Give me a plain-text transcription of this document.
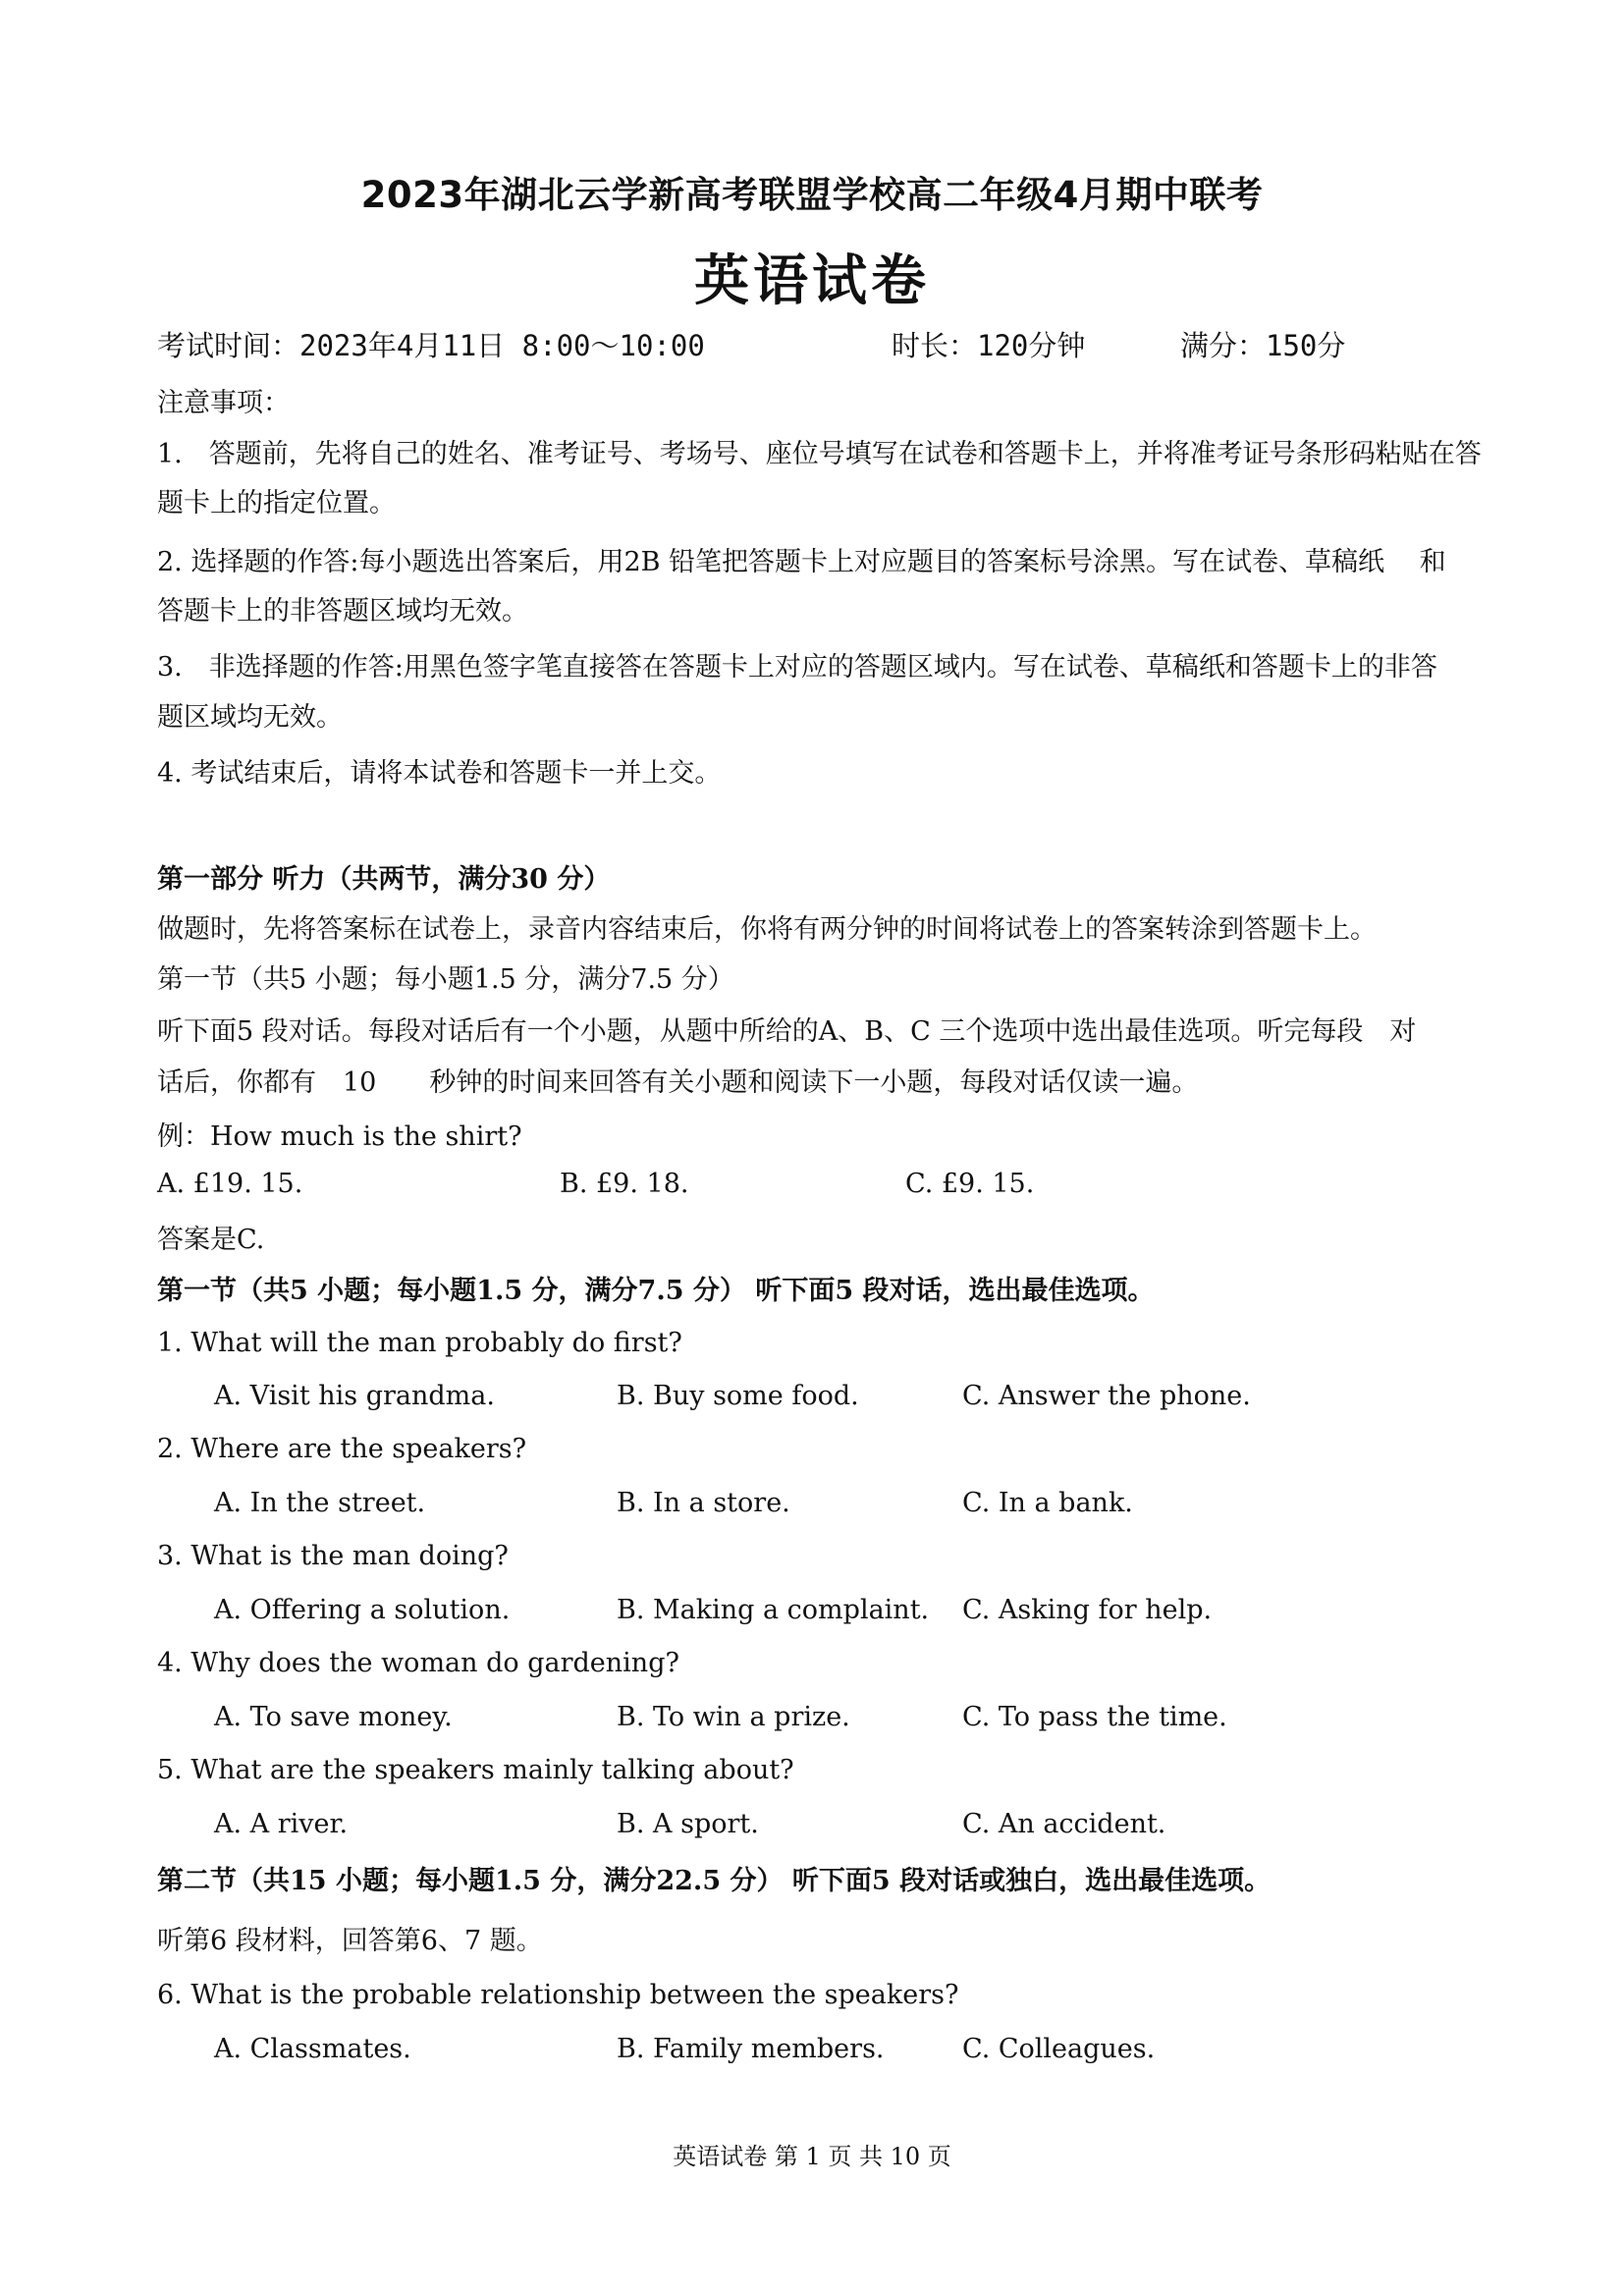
2023年湖北云学新高考联盟学校高二年级4月期中联考
英语试卷
考试时间：2023年4月11日 8:00～10:00	时长：120分钟	满分：150分
注意事项：
1.　答题前，先将自己的姓名、准考证号、考场号、座位号填写在试卷和答题卡上，并将准考证号条形码粘贴在答
题卡上的指定位置。
2. 选择题的作答:每小题选出答案后，用2B 铅笔把答题卡上对应题目的答案标号涂黑。写在试卷、草稿纸　 和
答题卡上的非答题区域均无效。
3.　非选择题的作答:用黑色签字笔直接答在答题卡上对应的答题区域内。写在试卷、草稿纸和答题卡上的非答
题区域均无效。
4. 考试结束后，请将本试卷和答题卡一并上交。
第一部分 听力（共两节，满分30 分）
做题时，先将答案标在试卷上，录音内容结束后，你将有两分钟的时间将试卷上的答案转涂到答题卡上。
第一节（共5 小题；每小题1.5 分，满分7.5 分）
听下面5 段对话。每段对话后有一个小题，从题中所给的A、B、C 三个选项中选出最佳选项。听完每段　对
话后，你都有　10　　秒钟的时间来回答有关小题和阅读下一小题，每段对话仅读一遍。
例：How much is the shirt?
A. £19. 15.	B. £9. 18.	C. £9. 15.
答案是C.
第一节（共5 小题；每小题1.5 分，满分7.5 分） 听下面5 段对话，选出最佳选项。
1. What will the man probably do first?
A. Visit his grandma.	B. Buy some food.	C. Answer the phone.
2. Where are the speakers?
A. In the street.	B. In a store.	C. In a bank.
3. What is the man doing?
A. Offering a solution.	B. Making a complaint. C. Asking for help.
4. Why does the woman do gardening?
A. To save money.	B. To win a prize.	C. To pass the time.
5. What are the speakers mainly talking about?
A. A river.	B. A sport.	C. An accident.
第二节（共15 小题；每小题1.5 分，满分22.5 分） 听下面5 段对话或独白，选出最佳选项。
听第6 段材料，回答第6、7 题。
6. What is the probable relationship between the speakers?
A. Classmates.	B. Family members.	C. Colleagues.
英语试卷 第 1 页 共 10 页
